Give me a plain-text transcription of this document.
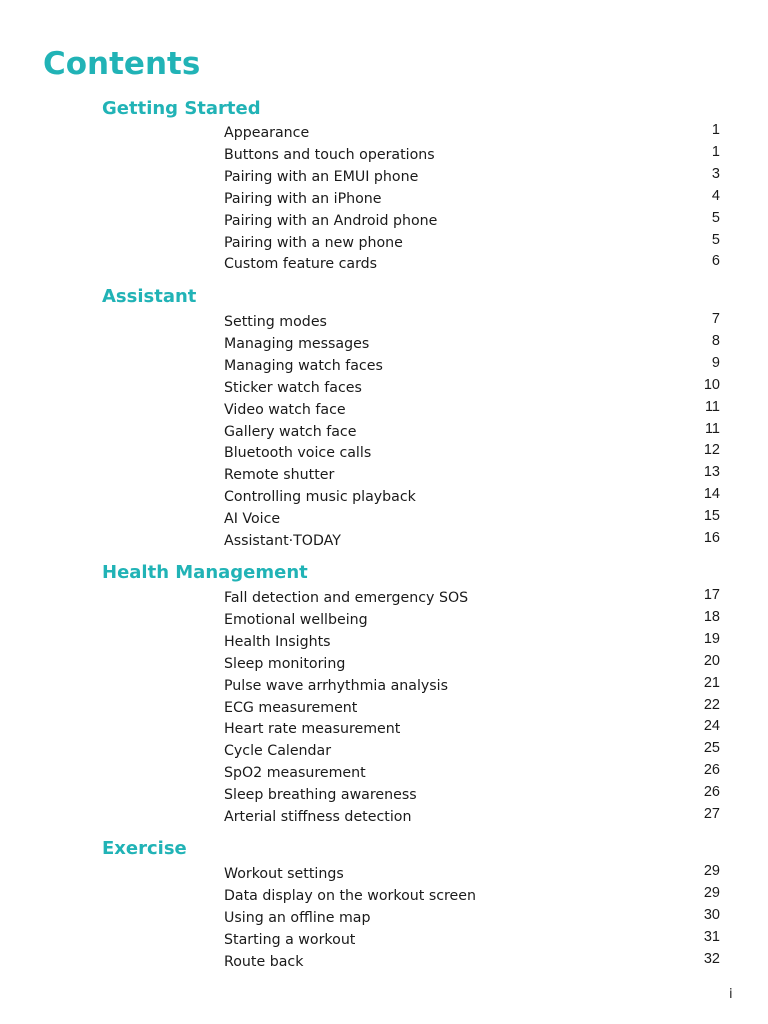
Contents
Getting Started
Appearance	1
Buttons and touch operations	1
Pairing with an EMUI phone	3
Pairing with an iPhone	4
Pairing with an Android phone	5
Pairing with a new phone	5
Custom feature cards	6
Assistant
Setting modes	7
Managing messages	8
Managing watch faces	9
Sticker watch faces	10
Video watch face	11
Gallery watch face	11
Bluetooth voice calls	12
Remote shutter	13
Controlling music playback	14
AI Voice	15
Assistant·TODAY	16
Health Management
Fall detection and emergency SOS	17
Emotional wellbeing	18
Health Insights	19
Sleep monitoring	20
Pulse wave arrhythmia analysis	21
ECG measurement	22
Heart rate measurement	24
Cycle Calendar	25
SpO2 measurement	26
Sleep breathing awareness	26
Arterial stiffness detection	27
Exercise
Workout settings	29
Data display on the workout screen	29
Using an offline map	30
Starting a workout	31
Route back	32
i
